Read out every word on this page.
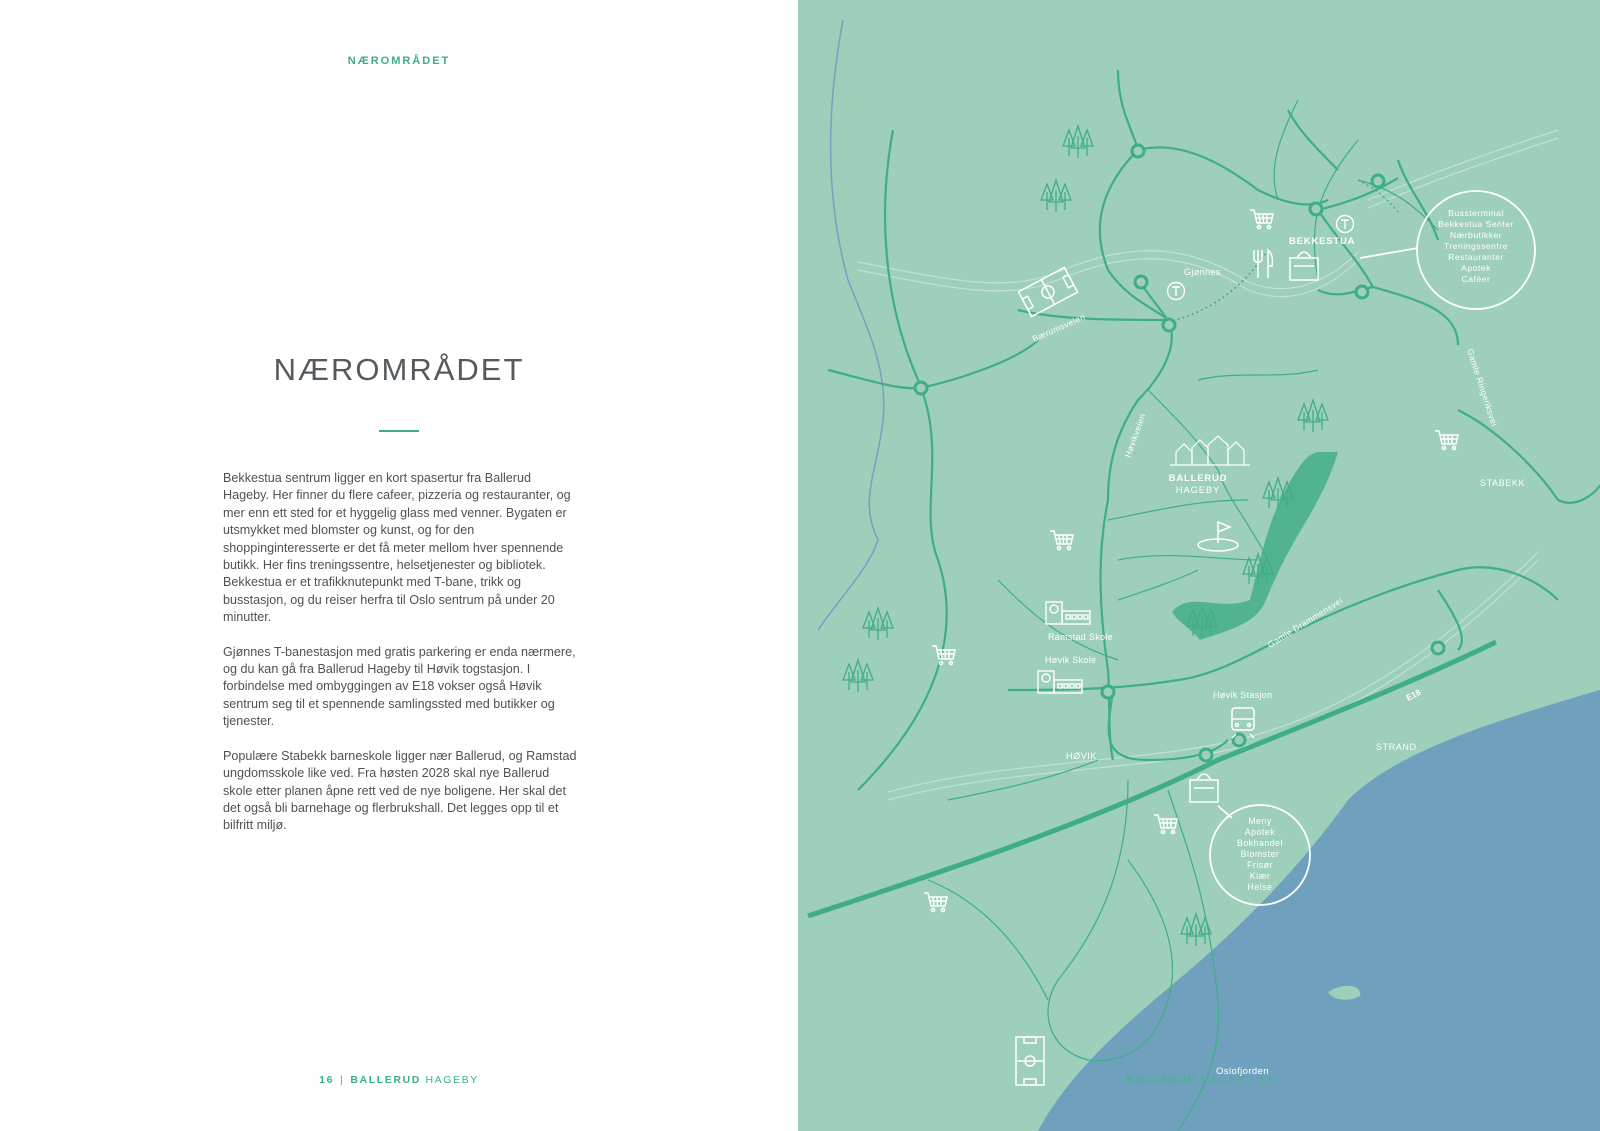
NÆROMRÅDET
NÆROMRÅDET

Bekkestua sentrum ligger en kort spasertur fra Ballerud Hageby. Her finner du flere cafeer, pizzeria og restauranter, og mer enn ett sted for et hyggelig glass med venner. Bygaten er utsmykket med blomster og kunst, og for den shoppinginteresserte er det få meter mellom hver spennende butikk. Her fins treningssentre, helsetjenester og bibliotek. Bekkestua er et trafikknutepunkt med T-bane, trikk og busstasjon, og du reiser herfra til Oslo sentrum på under 20 minutter.

Gjønnes T-banestasjon med gratis parkering er enda nærmere, og du kan gå fra Ballerud Hageby til Høvik togstasjon. I forbindelse med ombyggingen av E18 vokser også Høvik sentrum seg til et spennende samlingssted med butikker og tjenester.

Populære Stabekk barneskole ligger nær Ballerud, og Ramstad ungdomsskole like ved. Fra høsten 2028 skal nye Ballerud skole etter planen åpne rett ved de nye boligene. Her skal det det også bli barnehage og flerbrukshall. Det legges opp til et bilfritt miljø.

16 | BALLERUD HAGEBY
Bussterminal
Bekkestua Senter
Nærbutikker
Treningssentre
Restauranter
Apotek
Caféer
Meny
Apotek
Bokhandel
Blomster
Frisør
Klær
Helse
BEKKESTUA
Gjønnes
Bærumsveien
Høvikveien
Gamle Ringeriksvei
STABEKK
BALLERUD
HAGEBY
Gamle Drammensvei
Ramstad Skole
Høvik Skole
Høvik Stasjon	E18
HØVIK
STRAND
Oslofjorden
BALLERUD HAGEBY 17
